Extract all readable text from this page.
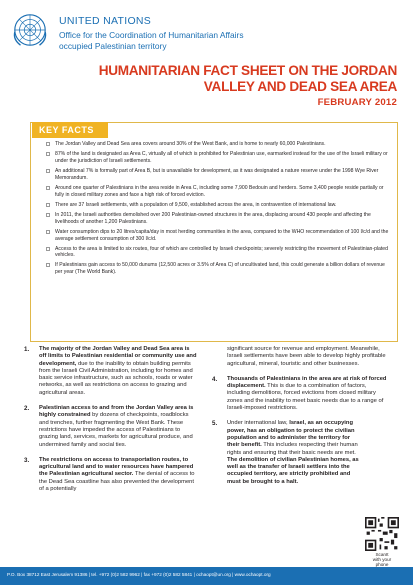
UNITED NATIONS
Office for the Coordination of Humanitarian Affairs
occupied Palestinian territory
HUMANITARIAN FACT SHEET ON THE JORDAN
VALLEY AND DEAD SEA AREA
FEBRUARY 2012
KEY FACTS
The Jordan Valley and Dead Sea area covers around 30% of the West Bank, and is home to nearly 60,000 Palestinians.
87% of the land is designated as Area C, virtually all of which is prohibited for Palestinian use, earmarked instead for the use of the Israeli military or under the jurisdiction of Israeli settlements.
An additional 7% is formally part of Area B, but is unavailable for development, as it was designated a nature reserve under the 1998 Wye River Memorandum.
Around one quarter of Palestinians in the area reside in Area C, including some 7,900 Bedouin and herders. Some 3,400 people reside partially or fully in closed military zones and face a high risk of forced eviction.
There are 37 Israeli settlements, with a population of 9,500, established across the area, in contravention of international law.
In 2011, the Israeli authorities demolished over 200 Palestinian-owned structures in the area, displacing around 430 people and affecting the livelihoods of another 1,200 Palestinians.
Water consumption dips to 20 litres/capita/day in most herding communities in the area, compared to the WHO recommendation of 100 l/c/d and the average settlement consumption of 300 l/c/d.
Access to the area is limited to six routes, four of which are controlled by Israeli checkpoints; severely restricting the movement of Palestinian-plated vehicles.
If Palestinians gain access to 50,000 dunums (12,500 acres or 3.5% of Area C) of uncultivated land, this could generate a billion dollars of revenue per year (The World Bank).
1. The majority of the Jordan Valley and Dead Sea area is off limits to Palestinian residential or community use and development, due to the inability to obtain building permits from the Israeli Civil Administration, including for homes and basic service infrastructure, such as schools, roads or water networks, as well as restrictions on access to grazing and agricultural areas.
2. Palestinian access to and from the Jordan Valley area is highly constrained by dozens of checkpoints, roadblocks and trenches, further fragmenting the West Bank. These restrictions have impeded the access of Palestinians to grazing land, services, markets for agricultural produce, and undermined family and social ties.
3. The restrictions on access to transportation routes, to agricultural land and to water resources have hampered the Palestinian agricultural sector. The denial of access to the Dead Sea coastline has also prevented the development of a potentially
significant source for revenue and employment. Meanwhile, Israeli settlements have been able to develop highly profitable agricultural, mineral, touristic and other businesses.
4. Thousands of Palestinians in the area are at risk of forced displacement. This is due to a combination of factors, including demolitions, forced evictions from closed military zones and the inability to meet basic needs due to a range of Israeli-imposed restrictions.
5. Under international law, Israel, as an occupying power, has an obligation to protect the civilian population and to administer the territory for their benefit. This includes respecting their human rights and ensuring that their basic needs are met. The demolition of civilian Palestinian homes, as well as the transfer of Israeli settlers into the occupied territory, are strictly prohibited and must be brought to a halt.
ScanIt
with your phone
P.O. Box 38712 East Jerusalem 91386 | tel. +972 (0)2 582 9962 | fax +972 (0)2 582 5841 | ochaopt@un.org | www.ochaopt.org
